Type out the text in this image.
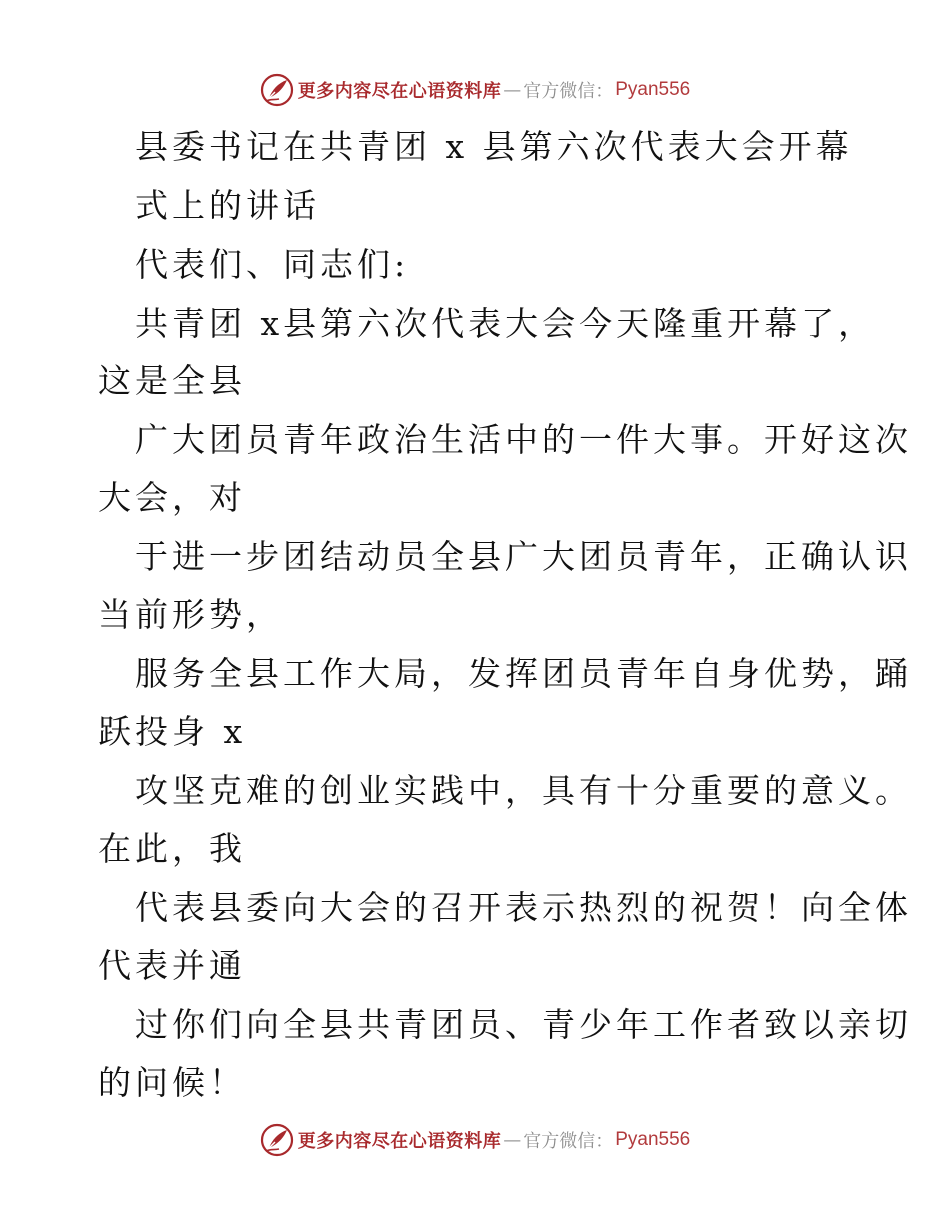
更多内容尽在心语资料库 — 官方微信： Pyan556
县委书记在共青团 x 县第六次代表大会开幕
式上的讲话
代表们、同志们:
共青团 x县第六次代表大会今天隆重开幕了，
这是全县
广大团员青年政治生活中的一件大事。开好这次
大会，对
于进一步团结动员全县广大团员青年，正确认识
当前形势，
服务全县工作大局，发挥团员青年自身优势，踊
跃投身 x
攻坚克难的创业实践中，具有十分重要的意义。
在此，我
代表县委向大会的召开表示热烈的祝贺！向全体
代表并通
过你们向全县共青团员、青少年工作者致以亲切
的问候！
更多内容尽在心语资料库 — 官方微信： Pyan556
